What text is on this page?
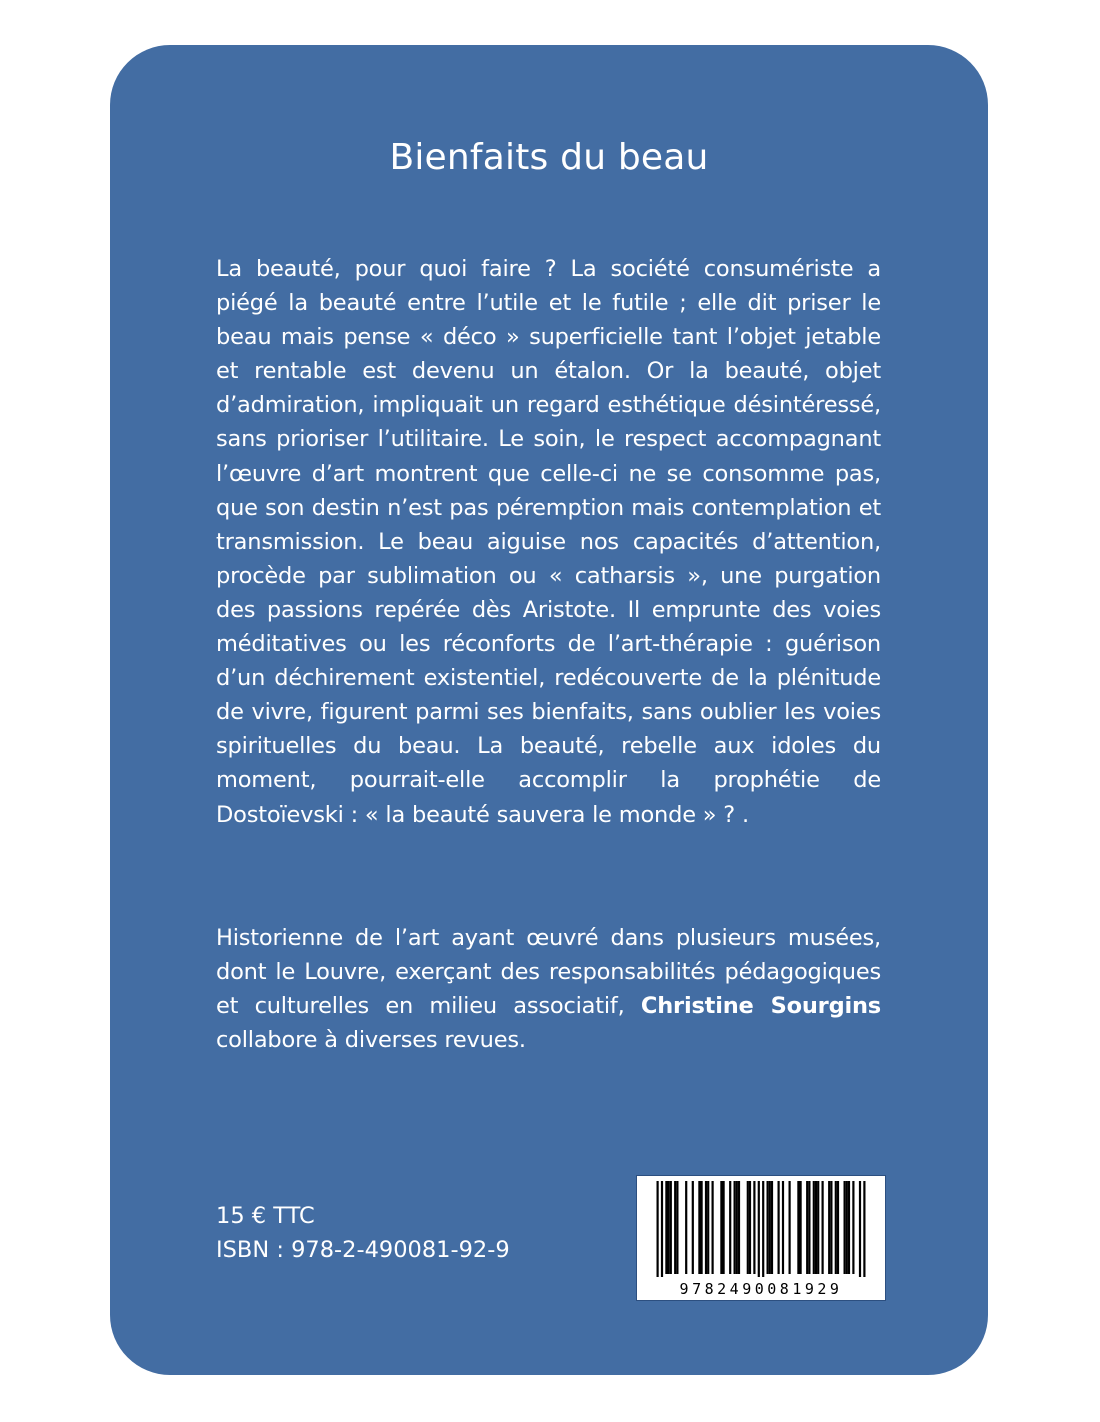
Bienfaits du beau

La beauté, pour quoi faire ? La société consumériste a piégé la beauté entre l’utile et le futile ; elle dit priser le beau mais pense « déco » superficielle tant l’objet jetable et rentable est devenu un étalon. Or la beauté, objet d’admiration, impliquait un regard esthétique désintéressé, sans prioriser l’utilitaire. Le soin, le respect accompagnant l’œuvre d’art montrent que celle-ci ne se consomme pas, que son destin n’est pas péremption mais contemplation et transmission. Le beau aiguise nos capacités d’attention, procède par sublimation ou « catharsis », une purgation des passions repérée dès Aristote. Il emprunte des voies méditatives ou les réconforts de l’art-thérapie : guérison d’un déchirement existentiel, redécouverte de la plénitude de vivre, figurent parmi ses bienfaits, sans oublier les voies spirituelles du beau. La beauté, rebelle aux idoles du moment, pourrait-elle accomplir la prophétie de Dostoïevski : « la beauté sauvera le monde » ? .

Historienne de l’art ayant œuvré dans plusieurs musées, dont le Louvre, exerçant des responsabilités pédagogiques et culturelles en milieu associatif, Christine Sourgins collabore à diverses revues.

15 € TTC
ISBN : 978-2-490081-92-9
9782490081929
